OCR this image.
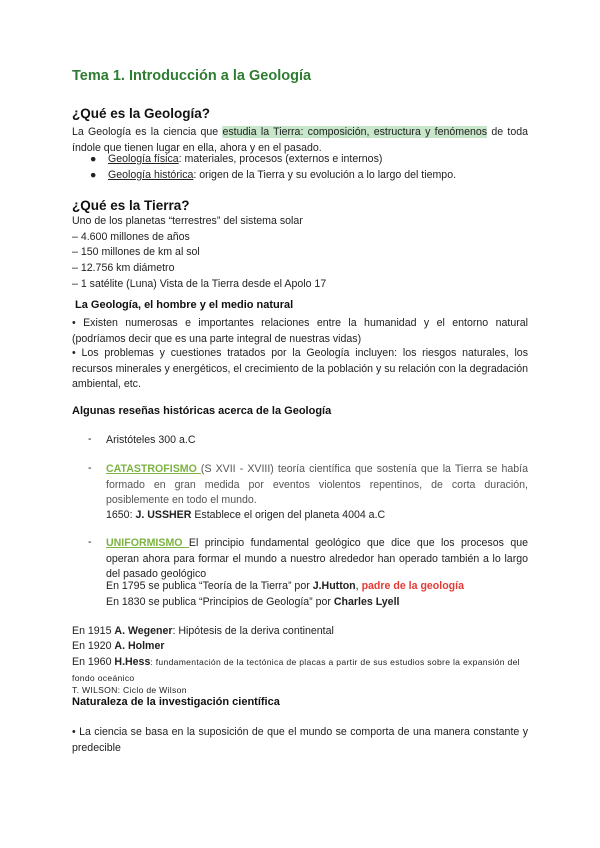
Tema 1. Introducción a la Geología
¿Qué es la Geología?
La Geología es la ciencia que estudia la Tierra: composición, estructura y fenómenos de toda índole que tienen lugar en ella, ahora y en el pasado.
● Geología física: materiales, procesos (externos e internos)
● Geología histórica: origen de la Tierra y su evolución a lo largo del tiempo.
¿Qué es la Tierra?
Uno de los planetas “terrestres” del sistema solar
– 4.600 millones de años
– 150 millones de km al sol
– 12.756 km diámetro
– 1 satélite (Luna) Vista de la Tierra desde el Apolo 17
La Geología, el hombre y el medio natural
• Existen numerosas e importantes relaciones entre la humanidad y el entorno natural (podríamos decir que es una parte integral de nuestras vidas)
• Los problemas y cuestiones tratados por la Geología incluyen: los riesgos naturales, los recursos minerales y energéticos, el crecimiento de la población y su relación con la degradación ambiental, etc.
Algunas reseñas históricas acerca de la Geología
- Aristóteles 300 a.C
- CATASTROFISMO (S XVII - XVIII) teoría científica que sostenía que la Tierra se había formado en gran medida por eventos violentos repentinos, de corta duración, posiblemente en todo el mundo.
1650: J. USSHER Establece el origen del planeta 4004 a.C
- UNIFORMISMO El principio fundamental geológico que dice que los procesos que operan ahora para formar el mundo a nuestro alrededor han operado también a lo largo del pasado geológico
En 1795 se publica “Teoría de la Tierra” por J.Hutton, padre de la geología
En 1830 se publica “Principios de Geología” por Charles Lyell
En 1915 A. Wegener: Hipótesis de la deriva continental
En 1920 A. Holmer
En 1960 H.Hess: fundamentación de la tectónica de placas a partir de sus estudios sobre la expansión del fondo oceánico
T. WILSON: Ciclo de Wilson
Naturaleza de la investigación científica
• La ciencia se basa en la suposición de que el mundo se comporta de una manera constante y predecible
